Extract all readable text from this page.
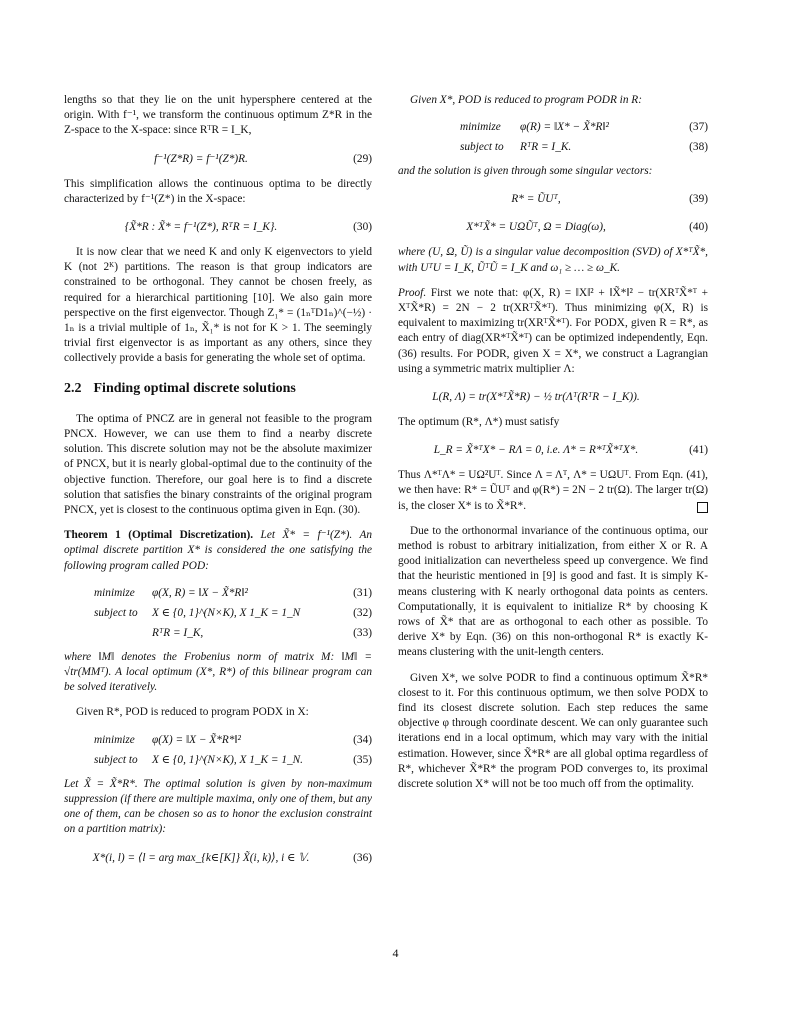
lengths so that they lie on the unit hypersphere centered at the origin. With f⁻¹, we transform the continuous optimum Z*R in the Z-space to the X-space: since RᵀR = I_K,

f⁻¹(Z*R) = f⁻¹(Z*)R.	(29)

This simplification allows the continuous optima to be directly characterized by f⁻¹(Z*) in the X-space:

{X̃*R : X̃* = f⁻¹(Z*), RᵀR = I_K}.	(30)

It is now clear that we need K and only K eigenvectors to yield K (not 2ᴷ) partitions. The reason is that group indicators are constrained to be orthogonal. They cannot be chosen freely, as required for a hierarchical partitioning [10]. We also gain more perspective on the first eigenvector. Though Z₁* = (1ₙᵀD1ₙ)^(−½) · 1ₙ is a trivial multiple of 1ₙ, X̃₁* is not for K > 1. The seemingly trivial first eigenvector is as important as any others, since they collectively provide a basis for generating the whole set of optima.

2.2 Finding optimal discrete solutions

The optima of PNCZ are in general not feasible to the program PNCX. However, we can use them to find a nearby discrete solution. This discrete solution may not be the absolute maximizer of PNCX, but it is nearly global-optimal due to the continuity of the objective function. Therefore, our goal here is to find a discrete solution that satisfies the binary constraints of the original program PNCX, yet is closest to the continuous optima given in Eqn. (30).

Theorem 1 (Optimal Discretization). Let X̃* = f⁻¹(Z*). An optimal discrete partition X* is considered the one satisfying the following program called POD:

minimize φ(X, R) = ‖X − X̃*R‖²	(31)
subject to X ∈ {0, 1}^(N×K), X 1_K = 1_N	(32)
RᵀR = I_K,	(33)

where ‖M‖ denotes the Frobenius norm of matrix M: ‖M‖ = √tr(MMᵀ). A local optimum (X*, R*) of this bilinear program can be solved iteratively.

Given R*, POD is reduced to program PODX in X:

minimize φ(X) = ‖X − X̃*R*‖²	(34)
subject to X ∈ {0, 1}^(N×K), X 1_K = 1_N.	(35)

Let X̃ = X̃*R*. The optimal solution is given by non-maximum suppression (if there are multiple maxima, only one of them, but any one of them, can be chosen so as to honor the exclusion constraint on a partition matrix):

X*(i, l) = ⟨l = arg max_{k∈[K]} X̃(i, k)⟩, i ∈ 𝕍.	(36)

Given X*, POD is reduced to program PODR in R:

minimize φ(R) = ‖X* − X̃*R‖²	(37)
subject to RᵀR = I_K.	(38)

and the solution is given through some singular vectors:

R* = ŨUᵀ,	(39)
X*ᵀX̃* = UΩŨᵀ, Ω = Diag(ω),	(40)

where (U, Ω, Ũ) is a singular value decomposition (SVD) of X*ᵀX̃*, with UᵀU = I_K, ŨᵀŨ = I_K and ω₁ ≥ … ≥ ω_K.

Proof. First we note that: φ(X, R) = ‖X‖² + ‖X̃*‖² − tr(XRᵀX̃*ᵀ + XᵀX̃*R) = 2N − 2 tr(XRᵀX̃*ᵀ). Thus minimizing φ(X, R) is equivalent to maximizing tr(XRᵀX̃*ᵀ). For PODX, given R = R*, as each entry of diag(XR*ᵀX̃*ᵀ) can be optimized independently, Eqn. (36) results. For PODR, given X = X*, we construct a Lagrangian using a symmetric matrix multiplier Λ:

L(R, Λ) = tr(X*ᵀX̃*R) − ½ tr(Λᵀ(RᵀR − I_K)).

The optimum (R*, Λ*) must satisfy

L_R = X̃*ᵀX* − RΛ = 0, i.e. Λ* = R*ᵀX̃*ᵀX*.	(41)

Thus Λ*ᵀΛ* = UΩ²Uᵀ. Since Λ = Λᵀ, Λ* = UΩUᵀ. From Eqn. (41), we then have: R* = ŨUᵀ and φ(R*) = 2N − 2 tr(Ω). The larger tr(Ω) is, the closer X* is to X̃*R*.

Due to the orthonormal invariance of the continuous optima, our method is robust to arbitrary initialization, from either X or R. A good initialization can nevertheless speed up convergence. We find that the heuristic mentioned in [9] is good and fast. It is simply K-means clustering with K nearly orthogonal data points as centers. Computationally, it is equivalent to initialize R* by choosing K rows of X̃* that are as orthogonal to each other as possible. To derive X* by Eqn. (36) on this non-orthogonal R* is exactly K-means clustering with the unit-length centers.

Given X*, we solve PODR to find a continuous optimum X̃*R* closest to it. For this continuous optimum, we then solve PODX to find its closest discrete solution. Each step reduces the same objective φ through coordinate descent. We can only guarantee such iterations end in a local optimum, which may vary with the initial estimation. However, since X̃*R* are all global optima regardless of R*, whichever X̃*R* the program POD converges to, its proximal discrete solution X* will not be too much off from the optimality.

4
